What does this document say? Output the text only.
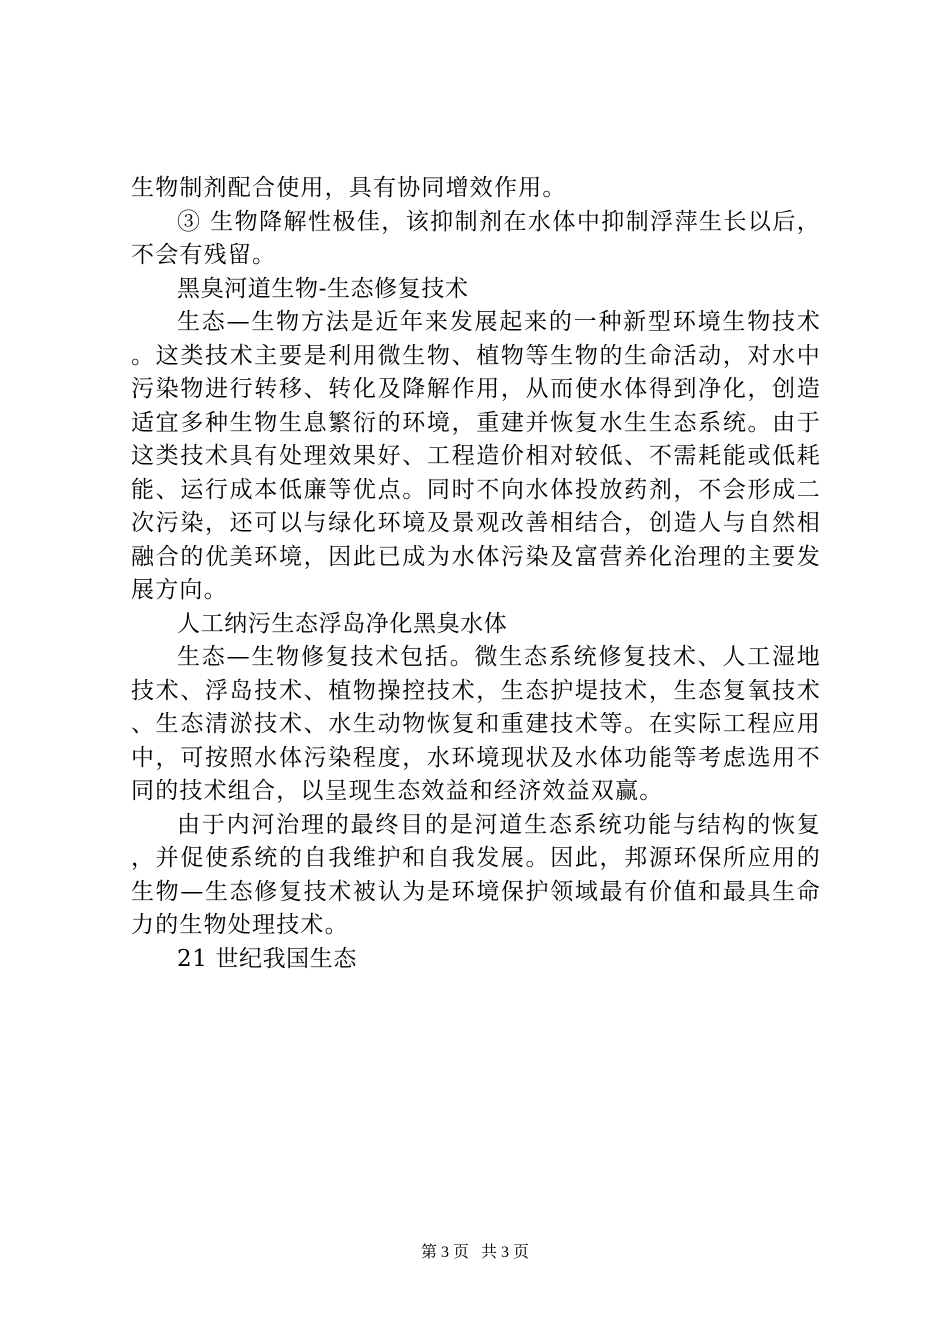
生物制剂配合使用，具有协同增效作用。

③ 生物降解性极佳，该抑制剂在水体中抑制浮萍生长以后，不会有残留。

黑臭河道生物-生态修复技术

生态—生物方法是近年来发展起来的一种新型环境生物技术。这类技术主要是利用微生物、植物等生物的生命活动，对水中污染物进行转移、转化及降解作用，从而使水体得到净化，创造适宜多种生物生息繁衍的环境，重建并恢复水生生态系统。由于这类技术具有处理效果好、工程造价相对较低、不需耗能或低耗能、运行成本低廉等优点。同时不向水体投放药剂，不会形成二次污染，还可以与绿化环境及景观改善相结合，创造人与自然相融合的优美环境，因此已成为水体污染及富营养化治理的主要发展方向。

人工纳污生态浮岛净化黑臭水体

生态—生物修复技术包括。微生态系统修复技术、人工湿地技术、浮岛技术、植物操控技术，生态护堤技术，生态复氧技术、生态清淤技术、水生动物恢复和重建技术等。在实际工程应用中，可按照水体污染程度，水环境现状及水体功能等考虑选用不同的技术组合，以呈现生态效益和经济效益双赢。

由于内河治理的最终目的是河道生态系统功能与结构的恢复，并促使系统的自我维护和自我发展。因此，邦源环保所应用的生物—生态修复技术被认为是环境保护领域最有价值和最具生命力的生物处理技术。

21 世纪我国生态

第 3 页 共 3 页
